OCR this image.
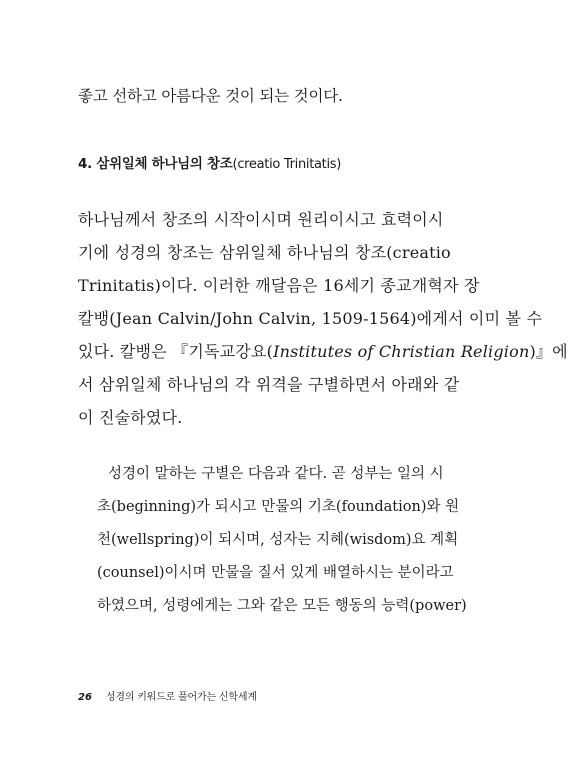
좋고 선하고 아름다운 것이 되는 것이다.
4. 삼위일체 하나님의 창조(creatio Trinitatis)
하나님께서 창조의 시작이시며 원리이시고 효력이시
기에 성경의 창조는 삼위일체 하나님의 창조(creatio
Trinitatis)이다. 이러한 깨달음은 16세기 종교개혁자 장
칼뱅(Jean Calvin/John Calvin, 1509-1564)에게서 이미 볼 수
있다. 칼뱅은 『기독교강요(Institutes of Christian Religion)』에
서 삼위일체 하나님의 각 위격을 구별하면서 아래와 같
이 진술하였다.
성경이 말하는 구별은 다음과 같다. 곧 성부는 일의 시
초(beginning)가 되시고 만물의 기초(foundation)와 원
천(wellspring)이 되시며, 성자는 지혜(wisdom)요 계획
(counsel)이시며 만물을 질서 있게 배열하시는 분이라고
하였으며, 성령에게는 그와 같은 모든 행동의 능력(power)
26 성경의 키워드로 풀어가는 신학세계
